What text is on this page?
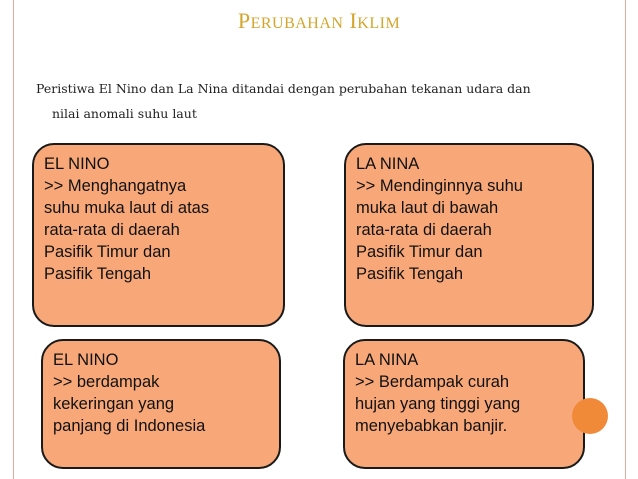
PERUBAHAN IKLIM
Peristiwa El Nino dan La Nina ditandai dengan perubahan tekanan udara dan
nilai anomali suhu laut
EL NINO
>> Menghangatnya
suhu muka laut di atas
rata-rata di daerah
Pasifik Timur dan
Pasifik Tengah
LA NINA
>> Mendinginnya suhu
muka laut di bawah
rata-rata di daerah
Pasifik Timur dan
Pasifik Tengah
EL NINO
>> berdampak
kekeringan yang
panjang di Indonesia
LA NINA
>> Berdampak curah
hujan yang tinggi yang
menyebabkan banjir.
